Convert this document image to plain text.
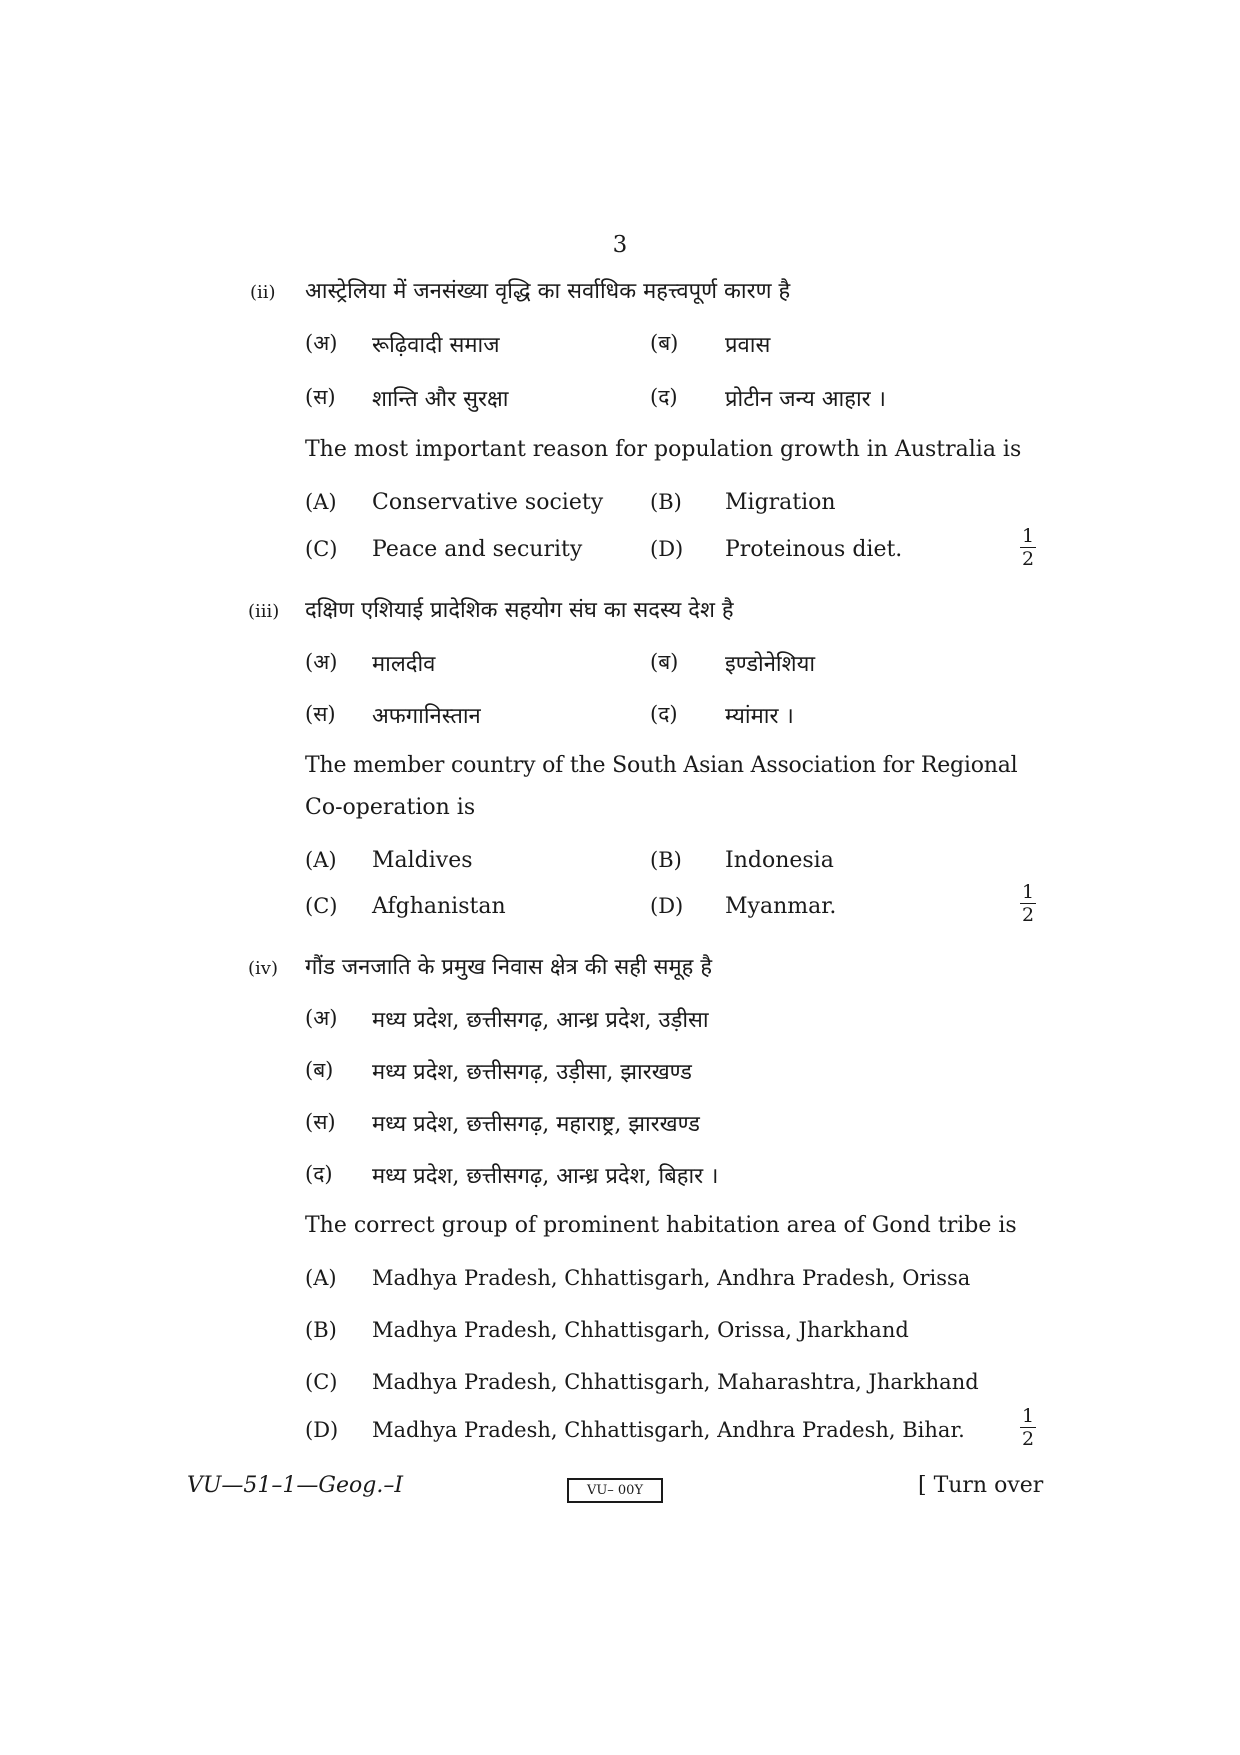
3
(ii) आस्ट्रेलिया में जनसंख्या वृद्धि का सर्वाधिक महत्त्वपूर्ण कारण है
(अ) रूढ़िवादी समाज	(ब) प्रवास
(स) शान्ति और सुरक्षा	(द) प्रोटीन जन्य आहार ।
The most important reason for population growth in Australia is
(A) Conservative society (B) Migration
(C) Peace and security	(D) Proteinous diet.
1
2
(iii) दक्षिण एशियाई प्रादेशिक सहयोग संघ का सदस्य देश है
(अ) मालदीव	(ब) इण्डोनेशिया
(स) अफगानिस्तान	(द) म्यांमार ।
The member country of the South Asian Association for Regional
Co-operation is
(A) Maldives	(B) Indonesia
(C) Afghanistan	(D) Myanmar.
1
2
(iv) गौंड जनजाति के प्रमुख निवास क्षेत्र की सही समूह है
(अ) मध्य प्रदेश, छत्तीसगढ़, आन्ध्र प्रदेश, उड़ीसा
(ब) मध्य प्रदेश, छत्तीसगढ़, उड़ीसा, झारखण्ड
(स) मध्य प्रदेश, छत्तीसगढ़, महाराष्ट्र, झारखण्ड
(द) मध्य प्रदेश, छत्तीसगढ़, आन्ध्र प्रदेश, बिहार ।
The correct group of prominent habitation area of Gond tribe is
(A) Madhya Pradesh, Chhattisgarh, Andhra Pradesh, Orissa
(B) Madhya Pradesh, Chhattisgarh, Orissa, Jharkhand
(C) Madhya Pradesh, Chhattisgarh, Maharashtra, Jharkhand
(D) Madhya Pradesh, Chhattisgarh, Andhra Pradesh, Bihar.
1
2
VU—51–1—Geog.–I	VU– 00Y	[ Turn over
